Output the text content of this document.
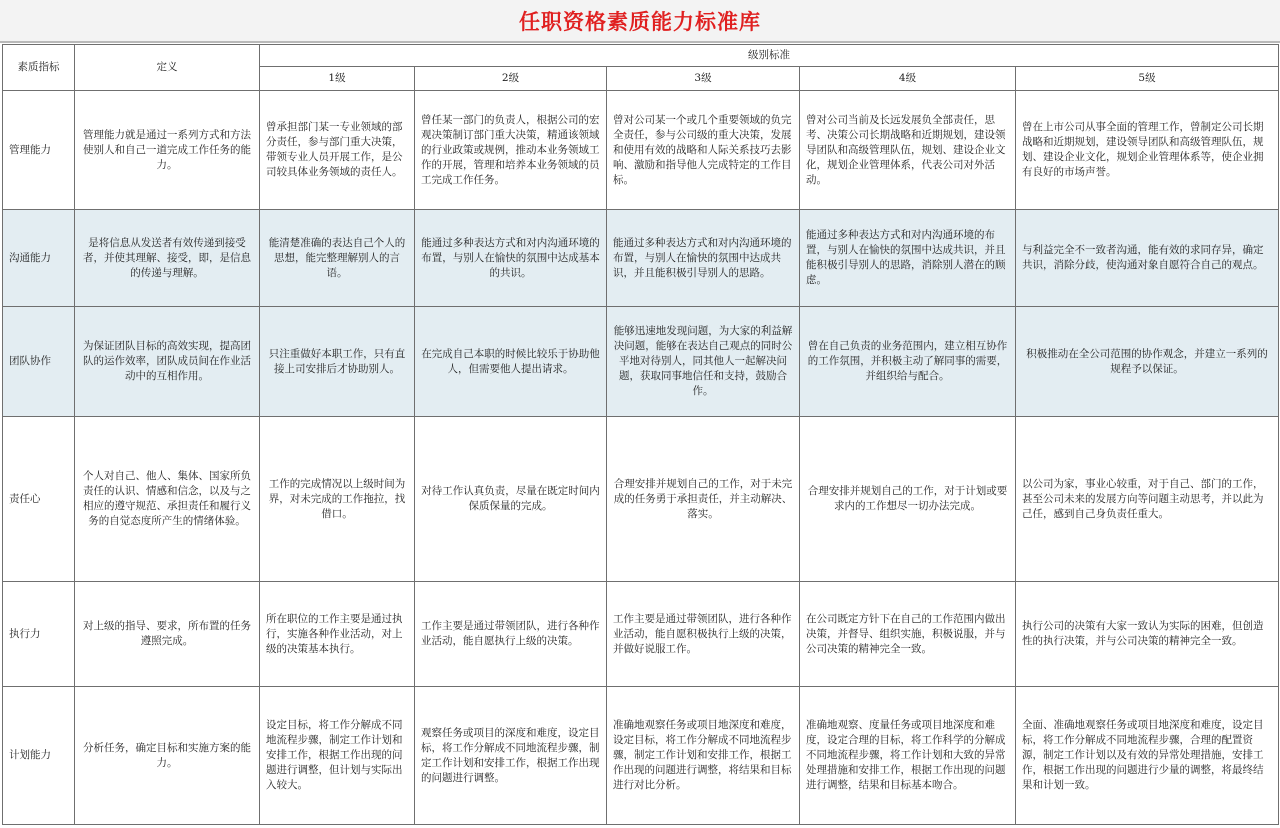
任职资格素质能力标准库
素质指标	定义	级别标准				
		1级	2级	3级	4级	5级
管理能力	管理能力就是通过一系列方式和方法使别人和自己一道完成工作任务的能力。	曾承担部门某一专业领域的部分责任，参与部门重大决策，带领专业人员开展工作，是公司较具体业务领域的责任人。	曾任某一部门的负责人，根据公司的宏观决策制订部门重大决策，精通该领域的行业政策或规例，推动本业务领域工作的开展，管理和培养本业务领域的员工完成工作任务。	曾对公司某一个或几个重要领域的负完全责任，参与公司级的重大决策，发展和使用有效的战略和人际关系技巧去影响、激励和指导他人完成特定的工作目标。	曾对公司当前及长远发展负全部责任，思考、决策公司长期战略和近期规划，建设领导团队和高级管理队伍，规划、建设企业文化，规划企业管理体系，代表公司对外活动。	曾在上市公司从事全面的管理工作，曾制定公司长期战略和近期规划，建设领导团队和高级管理队伍，规划、建设企业文化，规划企业管理体系等，使企业拥有良好的市场声誉。
沟通能力	是将信息从发送者有效传递到接受者，并使其理解、接受，即，是信息的传递与理解。	能清楚准确的表达自己个人的思想，能完整理解别人的言语。	能通过多种表达方式和对内沟通环境的布置，与别人在愉快的氛围中达成基本的共识。	能通过多种表达方式和对内沟通环境的布置，与别人在愉快的氛围中达成共识，并且能积极引导别人的思路。	能通过多种表达方式和对内沟通环境的布置，与别人在愉快的氛围中达成共识，并且能积极引导别人的思路，消除别人潜在的顾虑。	与利益完全不一致者沟通，能有效的求同存异，确定共识，消除分歧，使沟通对象自愿符合自己的观点。
团队协作	为保证团队目标的高效实现，提高团队的运作效率，团队成员间在作业活动中的互相作用。	只注重做好本职工作，只有直接上司安排后才协助别人。	在完成自己本职的时候比较乐于协助他人，但需要他人提出请求。	能够迅速地发现问题，为大家的利益解决问题，能够在表达自己观点的同时公平地对待别人，同其他人一起解决问题，获取同事地信任和支持，鼓励合作。	曾在自己负责的业务范围内，建立相互协作的工作氛围，并积极主动了解同事的需要，并组织给与配合。	积极推动在全公司范围的协作观念，并建立一系列的规程予以保证。
责任心	个人对自己、他人、集体、国家所负责任的认识、情感和信念，以及与之相应的遵守规范、承担责任和履行义务的自觉态度所产生的情绪体验。	工作的完成情况以上级时间为界，对未完成的工作拖拉，找借口。	对待工作认真负责，尽量在既定时间内保质保量的完成。	合理安排并规划自己的工作，对于未完成的任务勇于承担责任，并主动解决、落实。	合理安排并规划自己的工作，对于计划或要求内的工作想尽一切办法完成。	以公司为家，事业心较重，对于自己、部门的工作，甚至公司未来的发展方向等问题主动思考，并以此为己任，感到自己身负责任重大。
执行力	对上级的指导、要求，所布置的任务遵照完成。	所在职位的工作主要是通过执行，实施各种作业活动，对上级的决策基本执行。	工作主要是通过带领团队，进行各种作业活动，能自愿执行上级的决策。	工作主要是通过带领团队，进行各种作业活动，能自愿积极执行上级的决策，并做好说服工作。	在公司既定方针下在自己的工作范围内做出决策，并督导、组织实施，积极说服，并与公司决策的精神完全一致。	执行公司的决策有大家一致认为实际的困难，但创造性的执行决策，并与公司决策的精神完全一致。
计划能力	分析任务，确定目标和实施方案的能力。	设定目标，将工作分解成不同地流程步骤，制定工作计划和安排工作，根据工作出现的问题进行调整，但计划与实际出入较大。	观察任务或项目的深度和难度，设定目标，将工作分解成不同地流程步骤，制定工作计划和安排工作，根据工作出现的问题进行调整。	准确地观察任务或项目地深度和难度，设定目标，将工作分解成不同地流程步骤，制定工作计划和安排工作，根据工作出现的问题进行调整，将结果和目标进行对比分析。	准确地观察、度量任务或项目地深度和难度，设定合理的目标，将工作科学的分解成不同地流程步骤，将工作计划和大致的异常处理措施和安排工作，根据工作出现的问题进行调整，结果和目标基本吻合。	全面、准确地观察任务或项目地深度和难度，设定目标，将工作分解成不同地流程步骤，合理的配置资源，制定工作计划以及有效的异常处理措施，安排工作，根据工作出现的问题进行少量的调整，将最终结果和计划一致。
